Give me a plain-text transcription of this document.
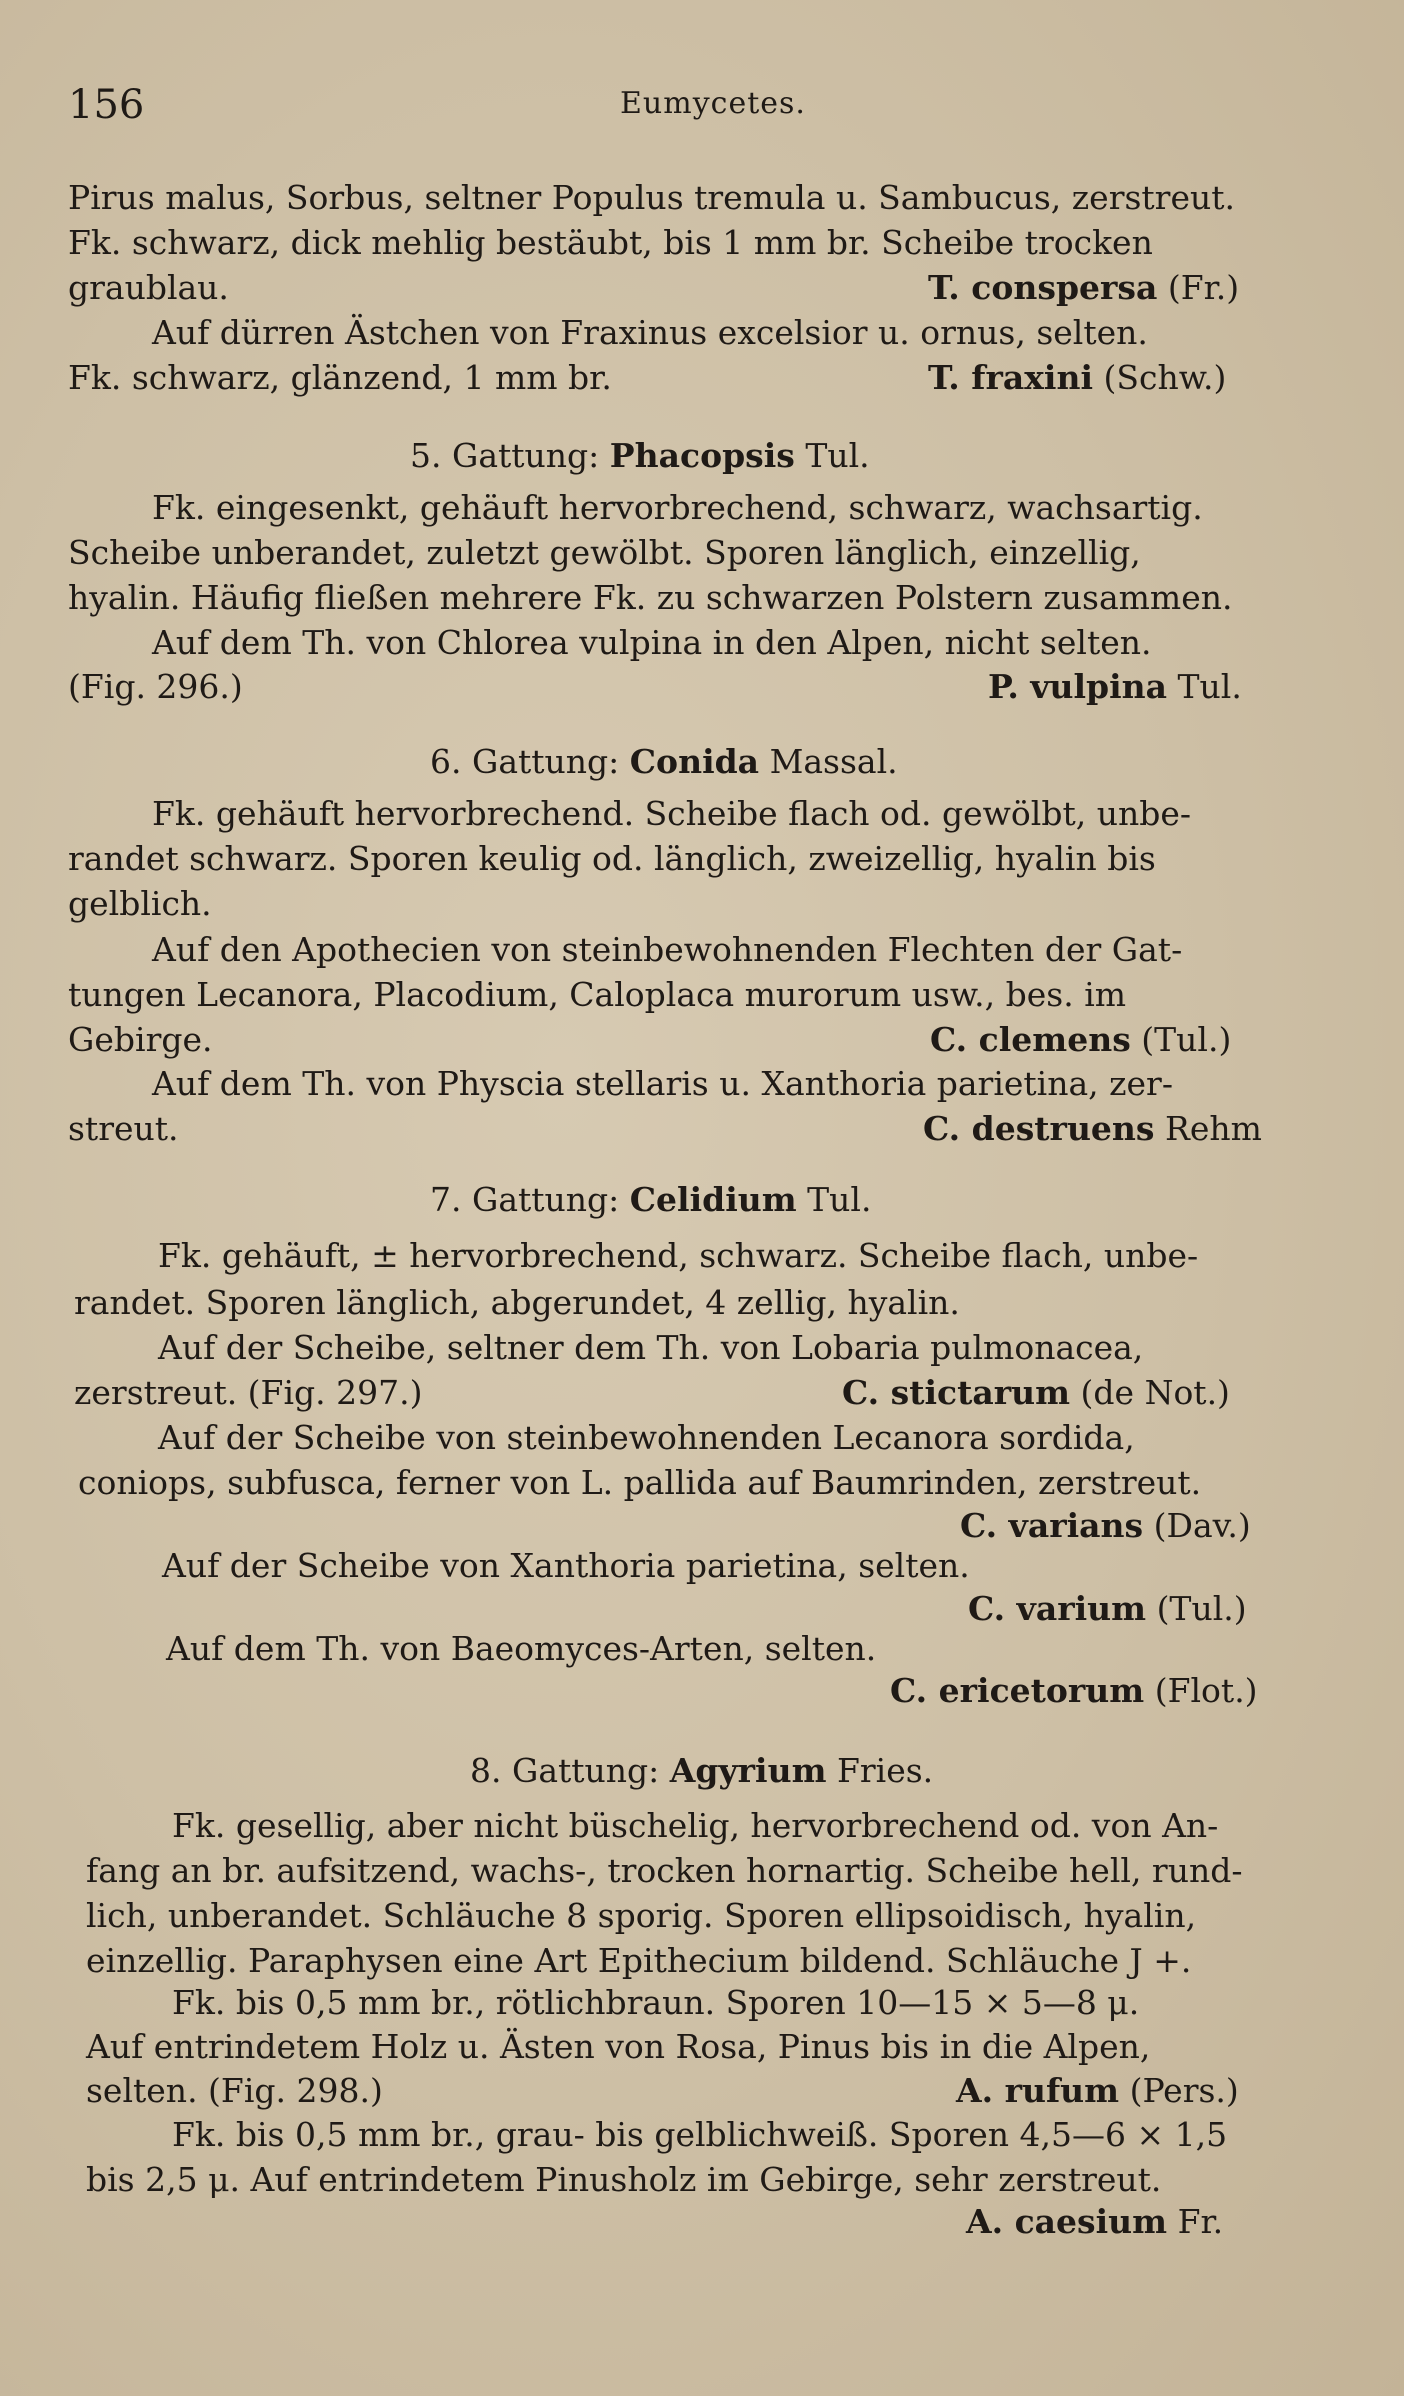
156	Eumycetes.
Pirus malus, Sorbus, seltner Populus tremula u. Sambucus, zerstreut.
Fk. schwarz, dick mehlig bestäubt, bis 1 mm br. Scheibe trocken
graublau.	T. conspersa (Fr.)
Auf dürren Ästchen von Fraxinus excelsior u. ornus, selten.
Fk. schwarz, glänzend, 1 mm br.	T. fraxini (Schw.)
5. Gattung: Phacopsis Tul.
Fk. eingesenkt, gehäuft hervorbrechend, schwarz, wachsartig.
Scheibe unberandet, zuletzt gewölbt. Sporen länglich, einzellig,
hyalin. Häufig fließen mehrere Fk. zu schwarzen Polstern zusammen.
Auf dem Th. von Chlorea vulpina in den Alpen, nicht selten.
(Fig. 296.)	P. vulpina Tul.
6. Gattung: Conida Massal.
Fk. gehäuft hervorbrechend. Scheibe flach od. gewölbt, unbe-
randet schwarz. Sporen keulig od. länglich, zweizellig, hyalin bis
gelblich.
Auf den Apothecien von steinbewohnenden Flechten der Gat-
tungen Lecanora, Placodium, Caloplaca murorum usw., bes. im
Gebirge.	C. clemens (Tul.)
Auf dem Th. von Physcia stellaris u. Xanthoria parietina, zer-
streut.	C. destruens Rehm
7. Gattung: Celidium Tul.
Fk. gehäuft, ± hervorbrechend, schwarz. Scheibe flach, unbe-
randet. Sporen länglich, abgerundet, 4 zellig, hyalin.
Auf der Scheibe, seltner dem Th. von Lobaria pulmonacea,
zerstreut. (Fig. 297.)	C. stictarum (de Not.)
Auf der Scheibe von steinbewohnenden Lecanora sordida,
coniops, subfusca, ferner von L. pallida auf Baumrinden, zerstreut.
C. varians (Dav.)
Auf der Scheibe von Xanthoria parietina, selten.
C. varium (Tul.)
Auf dem Th. von Baeomyces-Arten, selten.
C. ericetorum (Flot.)
8. Gattung: Agyrium Fries.
Fk. gesellig, aber nicht büschelig, hervorbrechend od. von An-
fang an br. aufsitzend, wachs-, trocken hornartig. Scheibe hell, rund-
lich, unberandet. Schläuche 8 sporig. Sporen ellipsoidisch, hyalin,
einzellig. Paraphysen eine Art Epithecium bildend. Schläuche J +.
Fk. bis 0,5 mm br., rötlichbraun. Sporen 10—15 × 5—8 μ.
Auf entrindetem Holz u. Ästen von Rosa, Pinus bis in die Alpen,
selten. (Fig. 298.)	A. rufum (Pers.)
Fk. bis 0,5 mm br., grau- bis gelblichweiß. Sporen 4,5—6 × 1,5
bis 2,5 μ. Auf entrindetem Pinusholz im Gebirge, sehr zerstreut.
A. caesium Fr.
